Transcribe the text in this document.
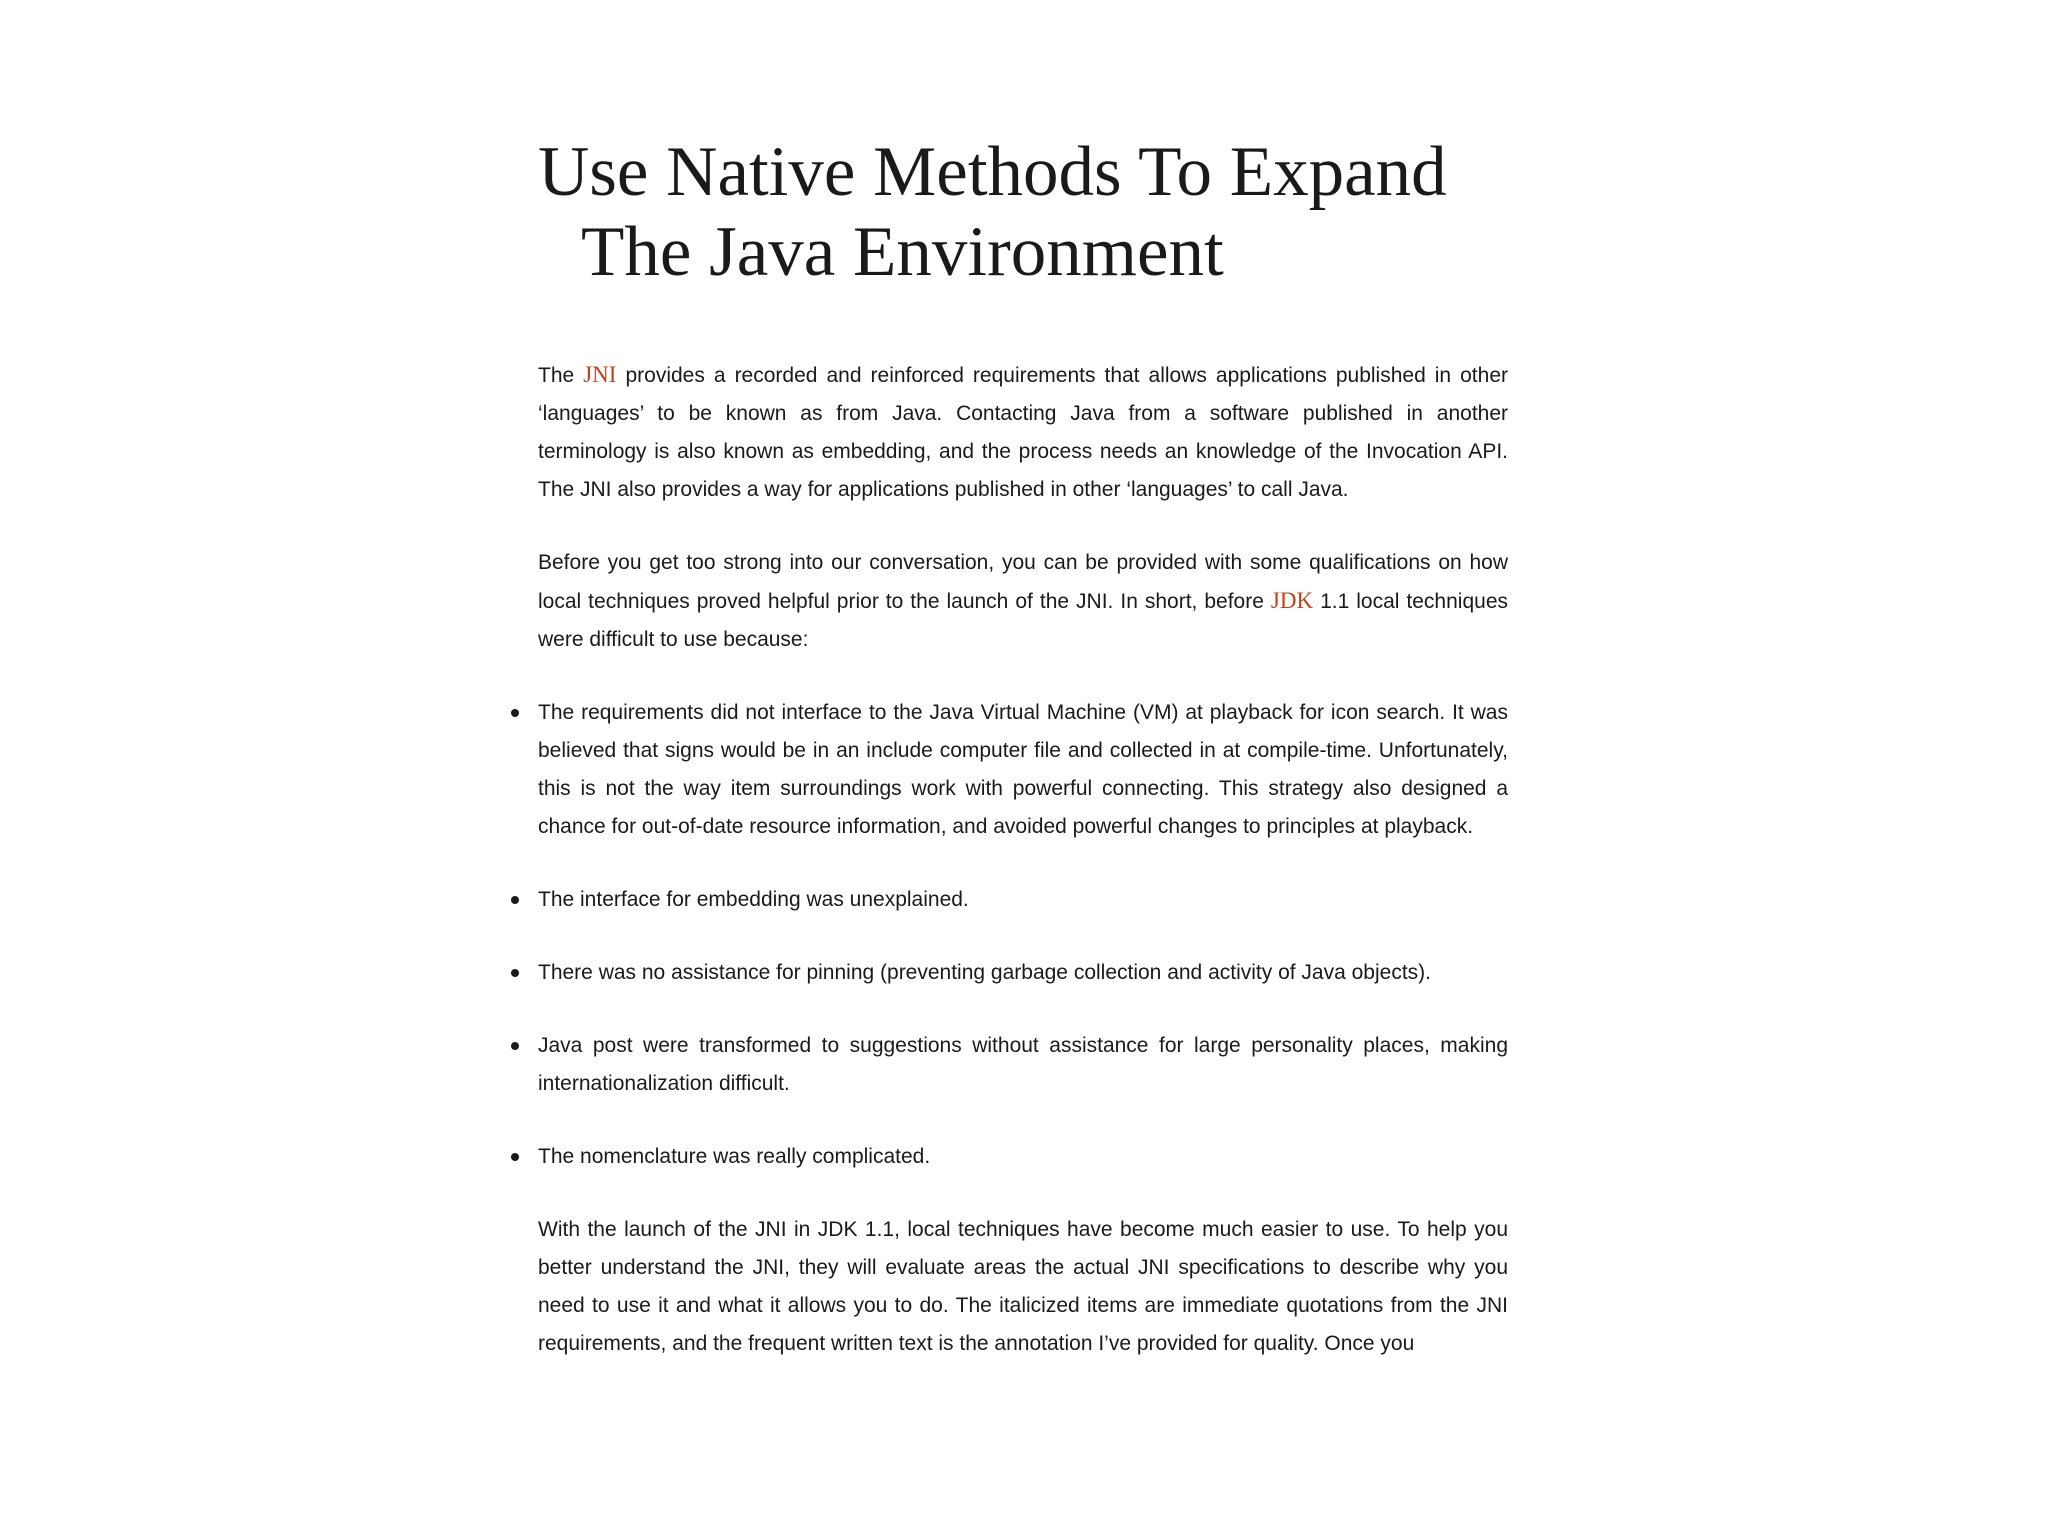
Use Native Methods To Expand
The Java Environment

The JNI provides a recorded and reinforced requirements that allows applications published in other ‘languages’ to be known as from Java. Contacting Java from a software published in another terminology is also known as embedding, and the process needs an knowledge of the Invocation API. The JNI also provides a way for applications published in other ‘languages’ to call Java.

Before you get too strong into our conversation, you can be provided with some qualifications on how local techniques proved helpful prior to the launch of the JNI. In short, before JDK 1.1 local techniques were difficult to use because:

The requirements did not interface to the Java Virtual Machine (VM) at playback for icon search. It was believed that signs would be in an include computer file and collected in at compile-time. Unfortunately, this is not the way item surroundings work with powerful connecting. This strategy also designed a chance for out-of-date resource information, and avoided powerful changes to principles at playback.
The interface for embedding was unexplained.
There was no assistance for pinning (preventing garbage collection and activity of Java objects).
Java post were transformed to suggestions without assistance for large personality places, making internationalization difficult.
The nomenclature was really complicated.

With the launch of the JNI in JDK 1.1, local techniques have become much easier to use. To help you better understand the JNI, they will evaluate areas the actual JNI specifications to describe why you need to use it and what it allows you to do. The italicized items are immediate quotations from the JNI requirements, and the frequent written text is the annotation I’ve provided for quality. Once you
